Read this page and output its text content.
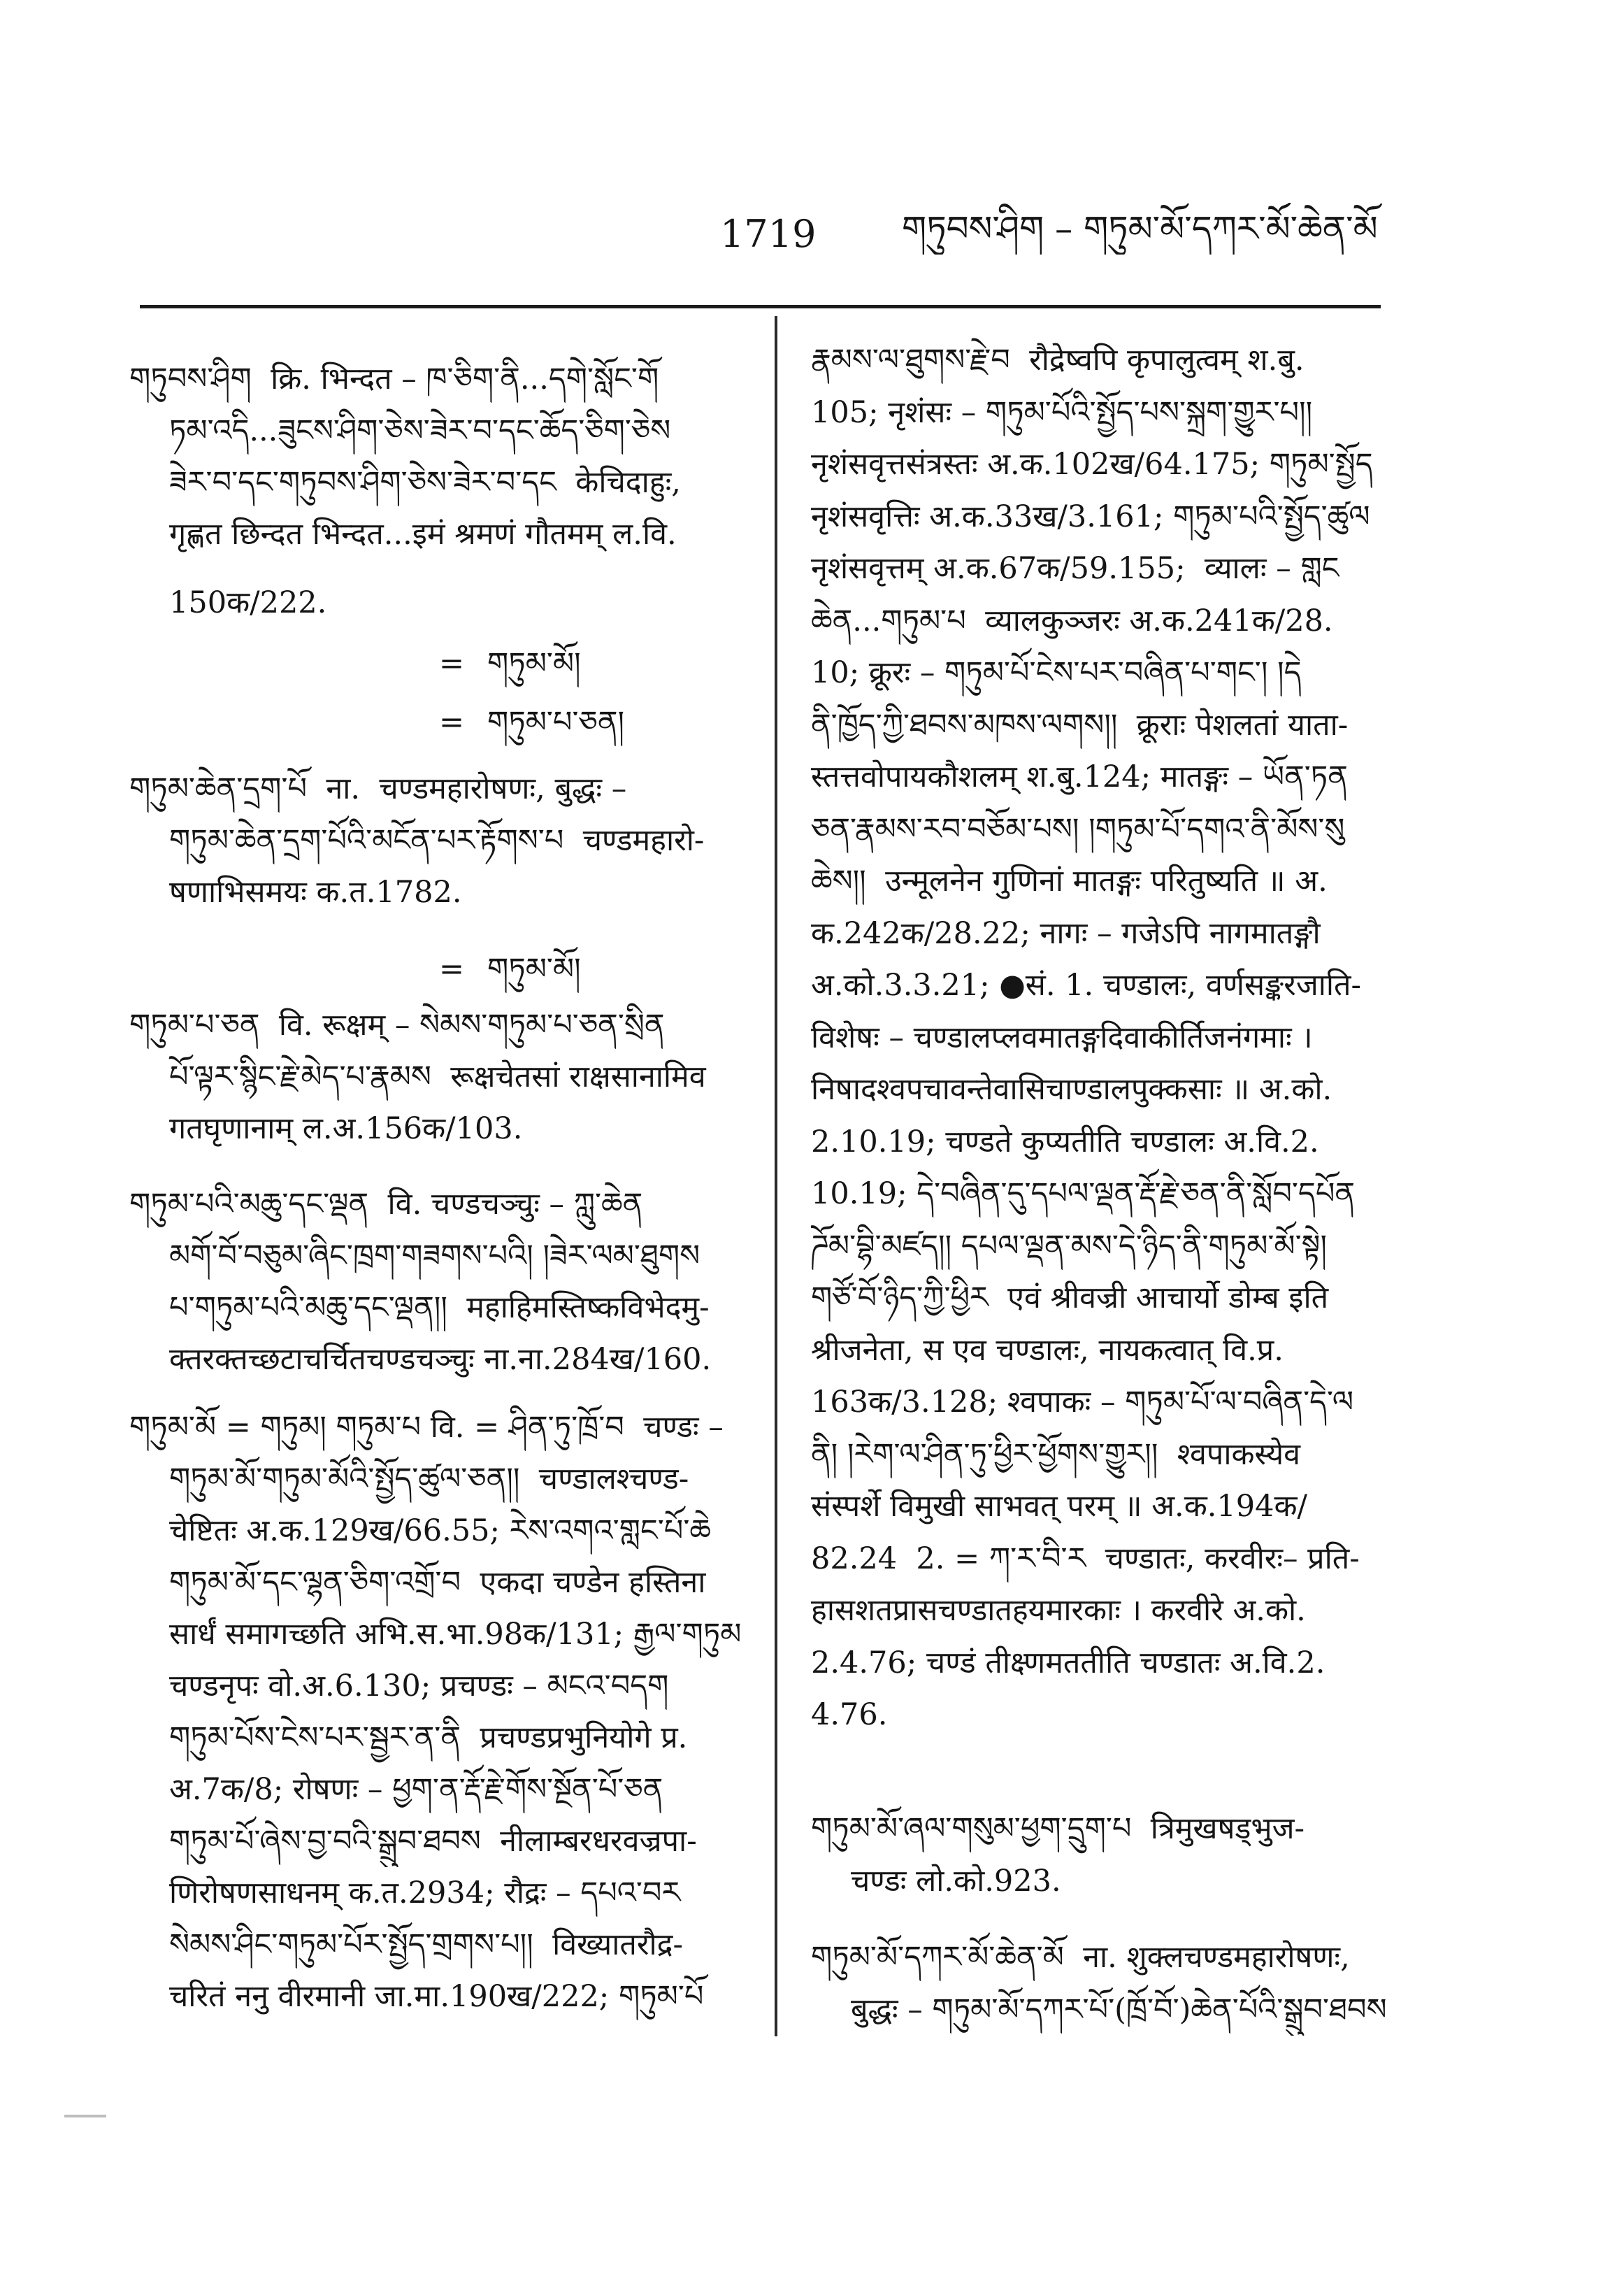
1719 གཏུབས་ཤིག – གཏུམ་མོ་དཀར་མོ་ཆེན་མོ
གཏུབས་ཤིག  क्रि. भिन्दत – ཁ་ཅིག་ནི...དགེ་སློང་གོ
ཏམ་འདི...ཟུངས་ཤིག་ཅེས་ཟེར་བ་དང་ཆོད་ཅིག་ཅེས
ཟེར་བ་དང་གཏུབས་ཤིག་ཅེས་ཟེར་བ་དང  केचिदाहुः,
गृह्णत छिन्दत भिन्दत...इमं श्रमणं गौतमम् ल.वि.
150क/222.

=

གཏུམ་མོ།

=

གཏུམ་པ་ཅན།

གཏུམ་ཆེན་དྲག་པོ  ना.  चण्डमहारोषणः, बुद्धः –
གཏུམ་ཆེན་དྲག་པོའི་མངོན་པར་རྟོགས་པ  चण्डमहारो-
षणाभिसमयः क.त.1782.

=

གཏུམ་མོ།

གཏུམ་པ་ཅན  वि. रूक्षम् – སེམས་གཏུམ་པ་ཅན་སྲིན
པོ་ལྟར་སྙིང་རྗེ་མེད་པ་རྣམས  रूक्षचेतसां राक्षसानामिव
गतघृणानाम् ल.अ.156क/103.
གཏུམ་པའི་མཆུ་དང་ལྡན  वि. चण्डचञ्चुः – ཀླུ་ཆེན
མགོ་བོ་བཅུམ་ཞིང་ཁྲག་གཟགས་པའི། །ཟེར་ལམ་ཐུགས
པ་གཏུམ་པའི་མཆུ་དང་ལྡན།།  महाहिमस्तिष्कविभेदमु-
क्तरक्तच्छटाचर्चितचण्डचञ्चुः ना.ना.284ख/160.
གཏུམ་མོ = གཏུམ། གཏུམ་པ वि. = ཤིན་ཏུ་ཁྲོ་བ  चण्डः –
གཏུམ་མོ་གཏུམ་མོའི་སྤྱོད་ཚུལ་ཅན།།  चण्डालश्चण्ड-
चेष्टितः अ.क.129ख/66.55; རེས་འགའ་གླང་པོ་ཆེ
གཏུམ་མོ་དང་ལྷན་ཅིག་འགྲོ་བ  एकदा चण्डेन हस्तिना
सार्धं समागच्छति अभि.स.भा.98क/131; རྒྱལ་གཏུམ
चण्डनृपः वो.अ.6.130; प्रचण्डः – མངའ་བདག
གཏུམ་པོས་ངེས་པར་སྦྱར་ན་ནི  प्रचण्डप्रभुनियोगे प्र.
अ.7क/8; रोषणः – ཕྱག་ན་རྡོ་རྗེ་གོས་སྔོན་པོ་ཅན
གཏུམ་པོ་ཞེས་བྱ་བའི་སྒྲུབ་ཐབས  नीलाम्बरधरवज्रपा-
णिरोषणसाधनम् क.त.2934; रौद्रः – དཔའ་བར
སེམས་ཤིང་གཏུམ་པོར་སྤྱོད་གྲགས་པ།།  विख्यातरौद्र-
चरितं ननु वीरमानी जा.मा.190ख/222; གཏུམ་པོ
རྣམས་ལ་ཐུགས་རྗེ་བ  रौद्रेष्वपि कृपालुत्वम् श.बु.
105; नृशंसः – གཏུམ་པོའི་སྤྱོད་པས་སྐྲག་གྱུར་པ།།
नृशंसवृत्तसंत्रस्तः अ.क.102ख/64.175; གཏུམ་སྤྱོད
नृशंसवृत्तिः अ.क.33ख/3.161; གཏུམ་པའི་སྤྱོད་ཚུལ
नृशंसवृत्तम् अ.क.67क/59.155;  व्यालः – གླང
ཆེན...གཏུམ་པ  व्यालकुञ्जरः अ.क.241क/28.
10; क्रूरः – གཏུམ་པོ་ངེས་པར་བཞིན་པ་གང་། །དེ
ནི་ཁྱོད་ཀྱི་ཐབས་མཁས་ལགས།།  क्रूराः पेशलतां याता-
स्तत्तवोपायकौशलम् श.बु.124; मातङ्गः – ཡོན་ཏན
ཅན་རྣམས་རབ་བཅོམ་པས། །གཏུམ་པོ་དགའ་ནི་མོས་སུ
ཆེས།།  उन्मूलनेन गुणिनां मातङ्गः परितुष्यति ॥ अ.
क.242क/28.22; नागः – गजेऽपि नागमातङ्गौ
अ.को.3.3.21; ●सं. 1. चण्डालः, वर्णसङ्करजाति-
विशेषः – चण्डालप्लवमातङ्गदिवाकीर्तिजनंगमाः ।
निषादश्वपचावन्तेवासिचाण्डालपुक्कसाः ॥ अ.को.
2.10.19; चण्डते कुप्यतीति चण्डालः अ.वि.2.
10.19; དེ་བཞིན་དུ་དཔལ་ལྡན་རྡོ་རྗེ་ཅན་ནི་སློབ་དཔོན
ཌོམ་བྷི་མཛད།། དཔལ་ལྡན་མས་དེ་ཉིད་ནི་གཏུམ་མོ་སྟེ།
གཙོ་བོ་ཉིད་ཀྱི་ཕྱིར  एवं श्रीवज्री आचार्यो डोम्ब इति
श्रीजनेता, स एव चण्डालः, नायकत्वात् वि.प्र.
163क/3.128; श्वपाकः – གཏུམ་པོ་ལ་བཞིན་དེ་ལ
ནི། །རེག་ལ་ཤིན་ཏུ་ཕྱིར་ཕྱོགས་གྱུར།།  श्वपाकस्येव
संस्पर्शे विमुखी साभवत् परम् ॥ अ.क.194क/
82.24  2. = ཀ་ར་བི་ར  चण्डातः, करवीरः– प्रति-
हासशतप्रासचण्डातहयमारकाः । करवीरे अ.को.
2.4.76; चण्डं तीक्ष्णमततीति चण्डातः अ.वि.2.
4.76.
གཏུམ་མོ་ཞལ་གསུམ་ཕྱག་དྲུག་པ  त्रिमुखषड्भुज-
चण्डः लो.को.923.
གཏུམ་མོ་དཀར་མོ་ཆེན་མོ  ना. शुक्लचण्डमहारोषणः,
बुद्धः – གཏུམ་མོ་དཀར་པོ་(ཁྲོ་བོ་)ཆེན་པོའི་སྒྲུབ་ཐབས
